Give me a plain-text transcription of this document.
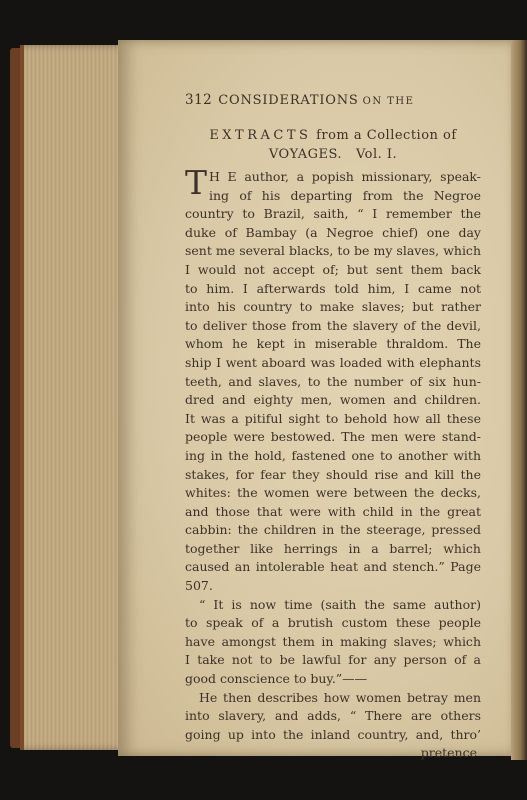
312 CONSIDERATIONS ON THE
EXTRACTS from a Collection of
VOYAGES.   Vol. I.
T H E author, a popish missionary, speak-
ing of his departing from the Negroe
country to Brazil, saith, “ I remember the
duke of Bambay (a Negroe chief) one day
sent me several blacks, to be my slaves, which
I would not accept of; but sent them back
to him. I afterwards told him, I came not
into his country to make slaves; but rather
to deliver those from the slavery of the devil,
whom he kept in miserable thraldom. The
ship I went aboard was loaded with elephants
teeth, and slaves, to the number of six hun-
dred and eighty men, women and children.
It was a pitiful sight to behold how all these
people were bestowed. The men were stand-
ing in the hold, fastened one to another with
stakes, for fear they should rise and kill the
whites: the women were between the decks,
and those that were with child in the great
cabbin: the children in the steerage, pressed
together like herrings in a barrel; which
caused an intolerable heat and stench.” Page
507.
“ It is now time (saith the same author)
to speak of a brutish custom these people
have amongst them in making slaves; which
I take not to be lawful for any person of a
good conscience to buy.”——
He then describes how women betray men
into slavery, and adds, “ There are others
going up into the inland country, and, thro’
pretence
